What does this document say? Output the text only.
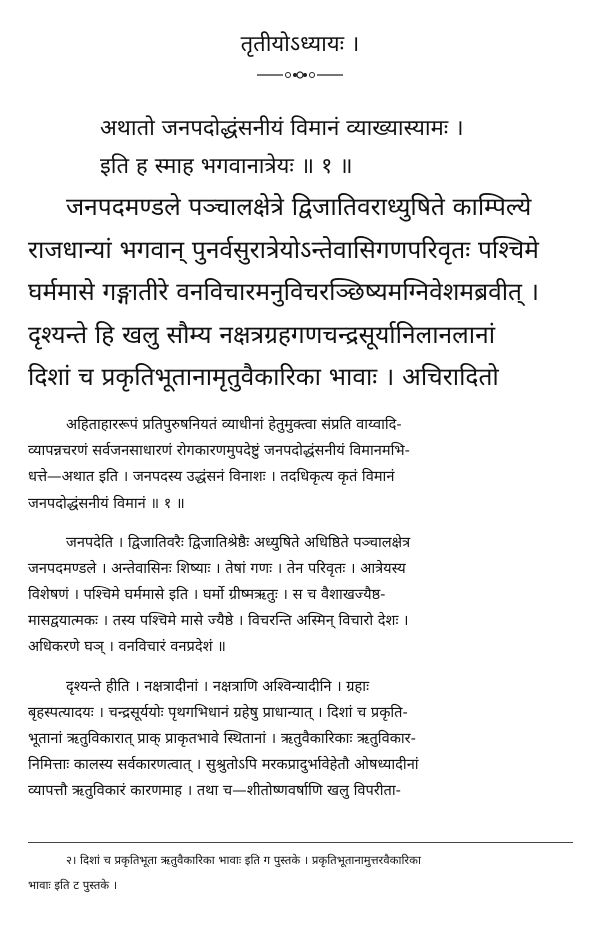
तृतीयोऽध्यायः ।
अथातो जनपदोद्धंसनीयं विमानं व्याख्यास्यामः ।
इति ह स्माह भगवानात्रेयः ॥ १ ॥
जनपदमण्डले पञ्चालक्षेत्रे द्विजातिवराध्युषिते काम्पिल्ये
राजधान्यां भगवान् पुनर्वसुरात्रेयोऽन्तेवासिगणपरिवृतः पश्चिमे
घर्ममासे गङ्गातीरे वनविचारमनुविचरञ्छिष्यमग्निवेशमब्रवीत् ।
दृश्यन्ते हि खलु सौम्य नक्षत्रग्रहगणचन्द्रसूर्यानिलानलानां
दिशां च प्रकृतिभूतानामृतुवैकारिका भावाः । अचिरादितो
अहिताहाररूपं प्रतिपुरुषनियतं व्याधीनां हेतुमुक्त्वा संप्रति वाय्वादि-
व्यापन्नचरणं सर्वजनसाधारणं रोगकारणमुपदेष्टुं जनपदोद्धंसनीयं विमानमभि-
धत्ते—अथात इति । जनपदस्य उद्धंसनं विनाशः । तदधिकृत्य कृतं विमानं
जनपदोद्धंसनीयं विमानं ॥ १ ॥
जनपदेति । द्विजातिवरैः द्विजातिश्रेष्ठैः अध्युषिते अधिष्ठिते पञ्चालक्षेत्र
जनपदमण्डले । अन्तेवासिनः शिष्याः । तेषां गणः । तेन परिवृतः । आत्रेयस्य
विशेषणं । पश्चिमे घर्ममासे इति । घर्मो ग्रीष्मऋतुः । स च वैशाखज्यैष्ठ-
मासद्वयात्मकः । तस्य पश्चिमे मासे ज्यैष्ठे । विचरन्ति अस्मिन् विचारो देशः ।
अधिकरणे घञ् । वनविचारं वनप्रदेशं ॥
दृश्यन्ते हीति । नक्षत्रादीनां । नक्षत्राणि अश्विन्यादीनि । ग्रहाः
बृहस्पत्यादयः । चन्द्रसूर्ययोः पृथगभिधानं ग्रहेषु प्राधान्यात् । दिशां च प्रकृति-
भूतानां ऋतुविकारात् प्राक् प्राकृतभावे स्थितानां । ऋतुवैकारिकाः ऋतुविकार-
निमित्ताः कालस्य सर्वकारणत्वात् । सुश्रुतोऽपि मरकप्रादुर्भावेहेतौ ओषध्यादीनां
व्यापत्तौ ऋतुविकारं कारणमाह । तथा च—शीतोष्णवर्षाणि खलु विपरीता-
२। दिशां च प्रकृतिभूता ऋतुवैकारिका भावाः इति ग पुस्तके । प्रकृतिभूतानामुत्तरवैकारिका
भावाः इति ट पुस्तके ।
